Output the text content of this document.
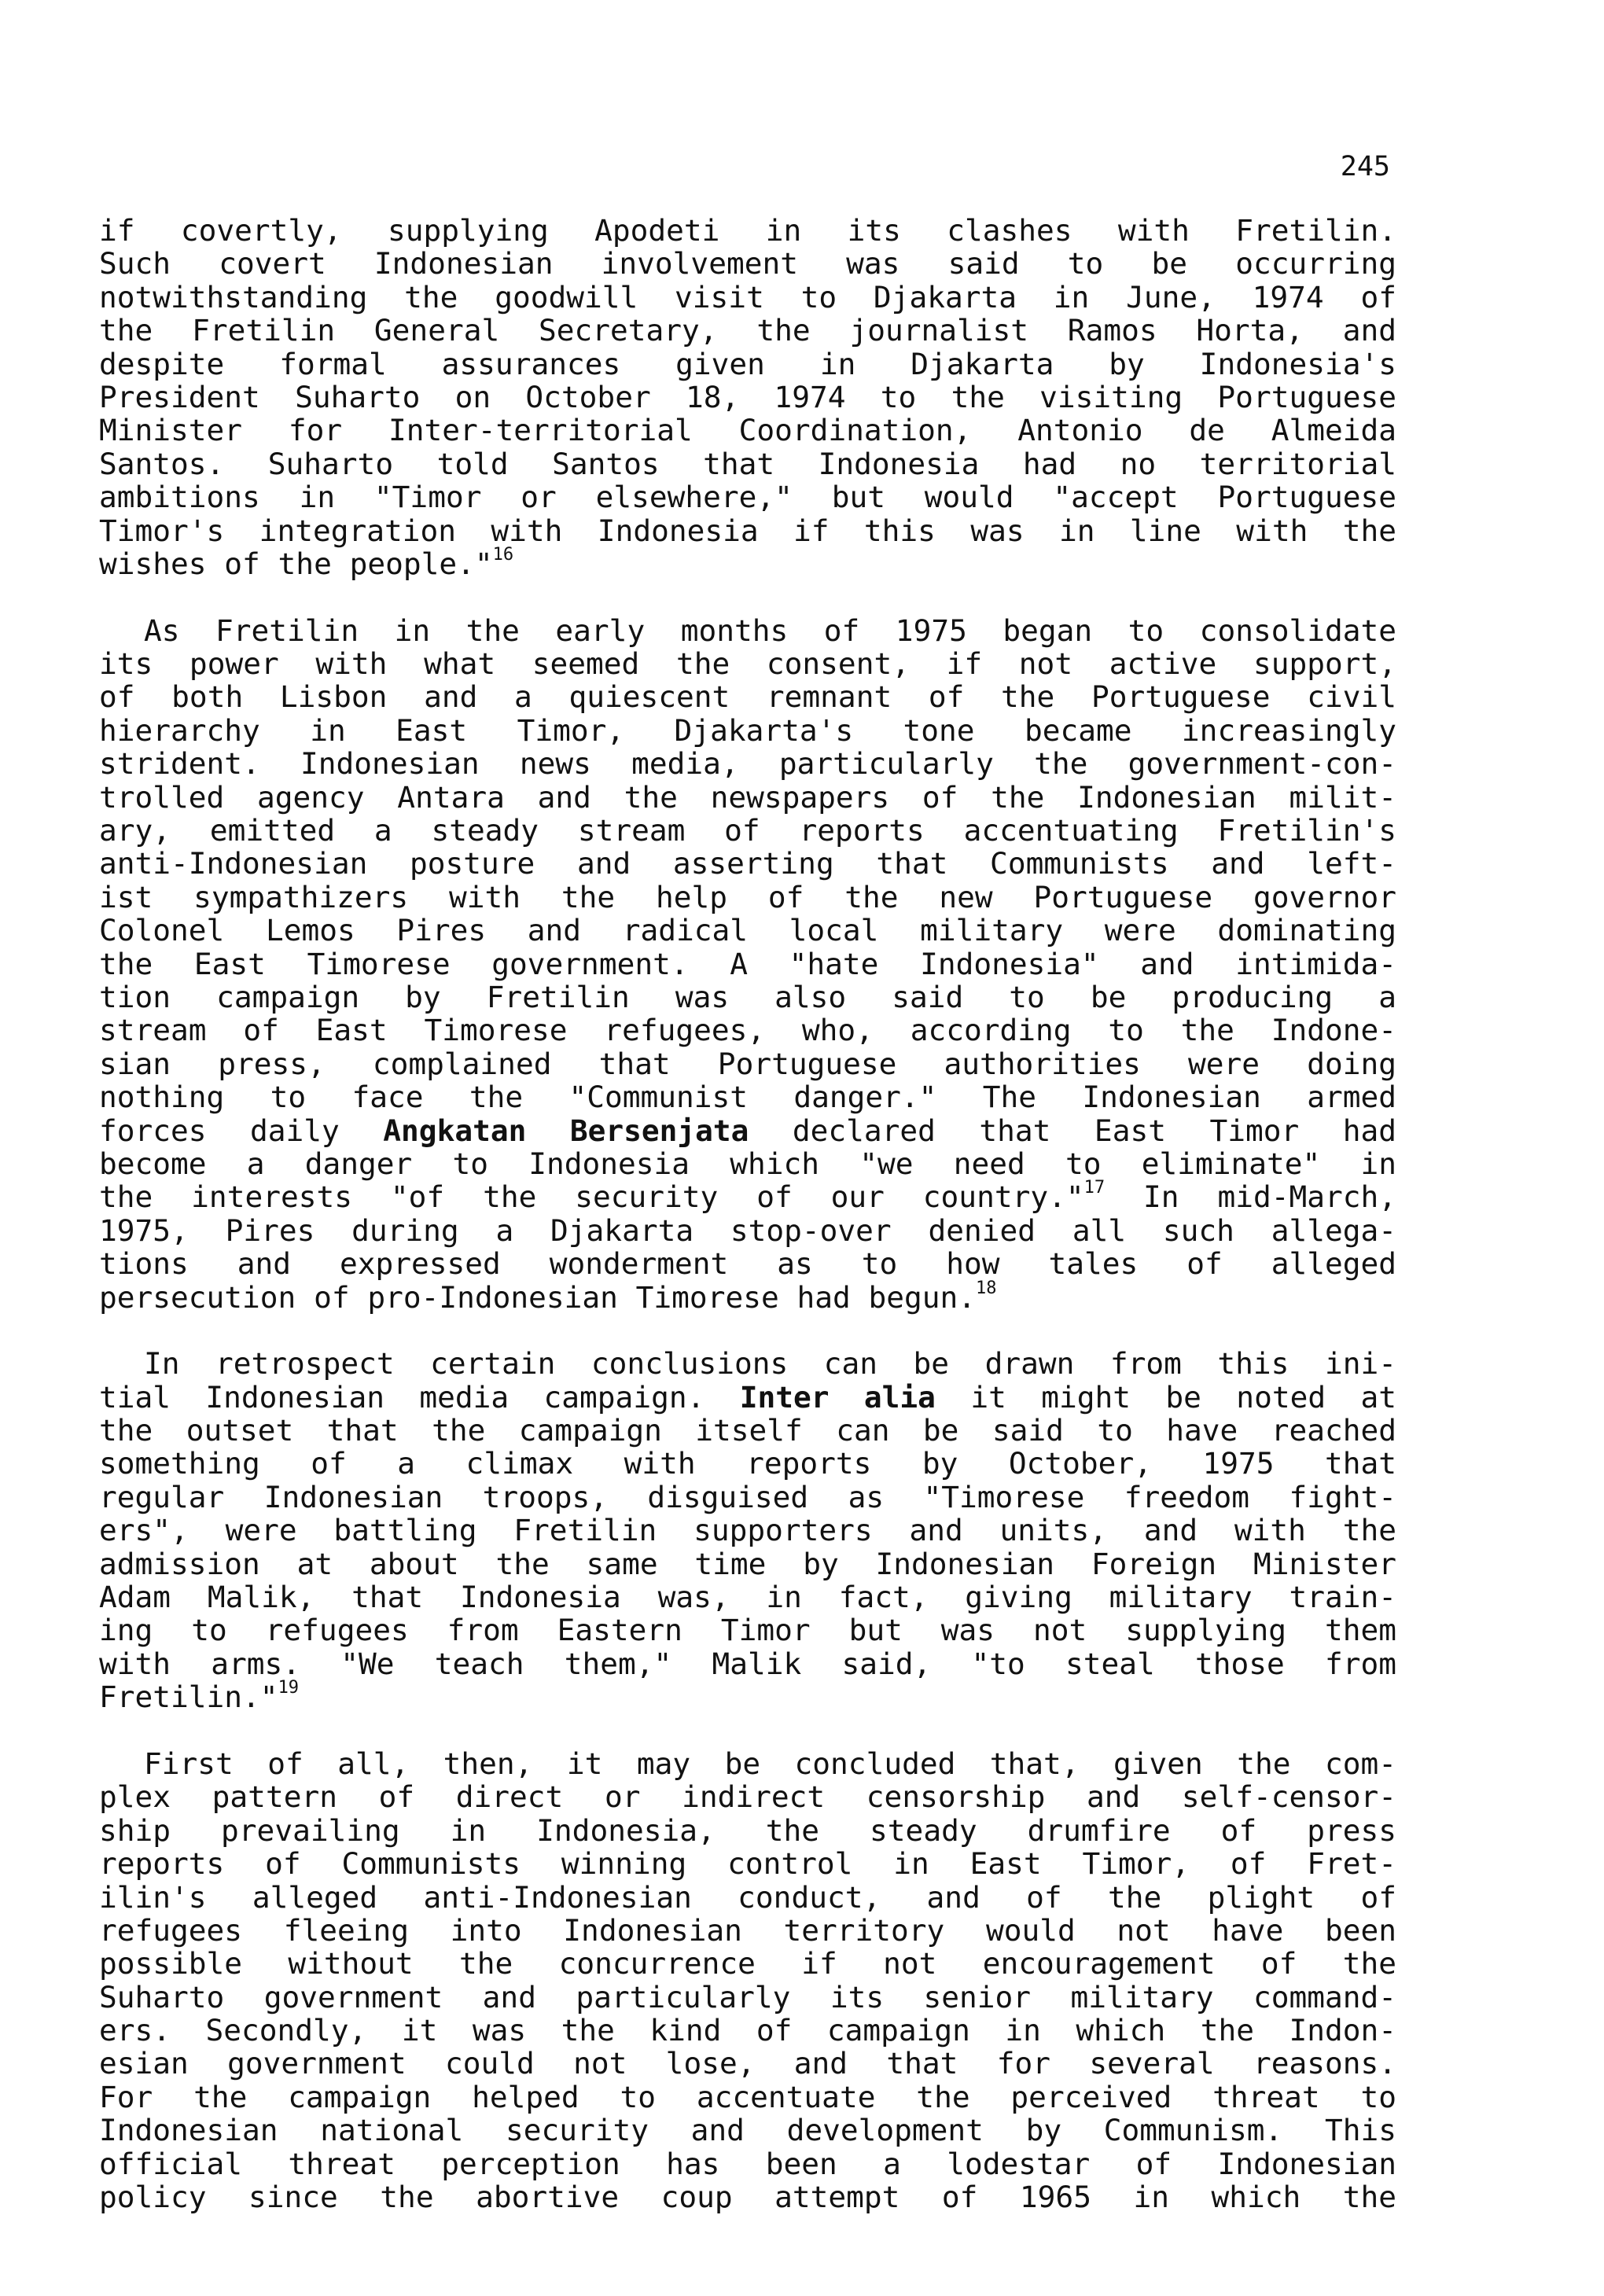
245
if covertly, supplying Apodeti in its clashes with Fretilin.
Such covert Indonesian involvement was said to be occurring
notwithstanding the goodwill visit to Djakarta in June, 1974 of
the Fretilin General Secretary, the journalist Ramos Horta, and
despite formal assurances given in Djakarta by Indonesia's
President Suharto on October 18, 1974 to the visiting Portuguese
Minister for Inter-territorial Coordination, Antonio de Almeida
Santos. Suharto told Santos that Indonesia had no territorial
ambitions in "Timor or elsewhere," but would "accept Portuguese
Timor's integration with Indonesia if this was in line with the
wishes of the people."$^{16}$
As Fretilin in the early months of 1975 began to consolidate
its power with what seemed the consent, if not active support,
of both Lisbon and a quiescent remnant of the Portuguese civil
hierarchy in East Timor, Djakarta's tone became increasingly
strident. Indonesian news media, particularly the government-con-
trolled agency Antara and the newspapers of the Indonesian milit-
ary, emitted a steady stream of reports accentuating Fretilin's
anti-Indonesian posture and asserting that Communists and left-
ist sympathizers with the help of the new Portuguese governor
Colonel Lemos Pires and radical local military were dominating
the East Timorese government. A "hate Indonesia" and intimida-
tion campaign by Fretilin was also said to be producing a
stream of East Timorese refugees, who, according to the Indone-
sian press, complained that Portuguese authorities were doing
nothing to face the "Communist danger." The Indonesian armed
forces daily Angkatan Bersenjata declared that East Timor had
become a danger to Indonesia which "we need to eliminate" in
the interests "of the security of our country."$^{17}$ In mid-March,
1975, Pires during a Djakarta stop-over denied all such allega-
tions and expressed wonderment as to how tales of alleged
persecution of pro-Indonesian Timorese had begun.$^{18}$
In retrospect certain conclusions can be drawn from this ini-
tial Indonesian media campaign. Inter alia it might be noted at
the outset that the campaign itself can be said to have reached
something of a climax with reports by October, 1975 that
regular Indonesian troops, disguised as "Timorese freedom fight-
ers", were battling Fretilin supporters and units, and with the
admission at about the same time by Indonesian Foreign Minister
Adam Malik, that Indonesia was, in fact, giving military train-
ing to refugees from Eastern Timor but was not supplying them
with arms. "We teach them," Malik said, "to steal those from
Fretilin."$^{19}$
First of all, then, it may be concluded that, given the com-
plex pattern of direct or indirect censorship and self-censor-
ship prevailing in Indonesia, the steady drumfire of press
reports of Communists winning control in East Timor, of Fret-
ilin's alleged anti-Indonesian conduct, and of the plight of
refugees fleeing into Indonesian territory would not have been
possible without the concurrence if not encouragement of the
Suharto government and particularly its senior military command-
ers. Secondly, it was the kind of campaign in which the Indon-
esian government could not lose, and that for several reasons.
For the campaign helped to accentuate the perceived threat to
Indonesian national security and development by Communism. This
official threat perception has been a lodestar of Indonesian
policy since the abortive coup attempt of 1965 in which the
